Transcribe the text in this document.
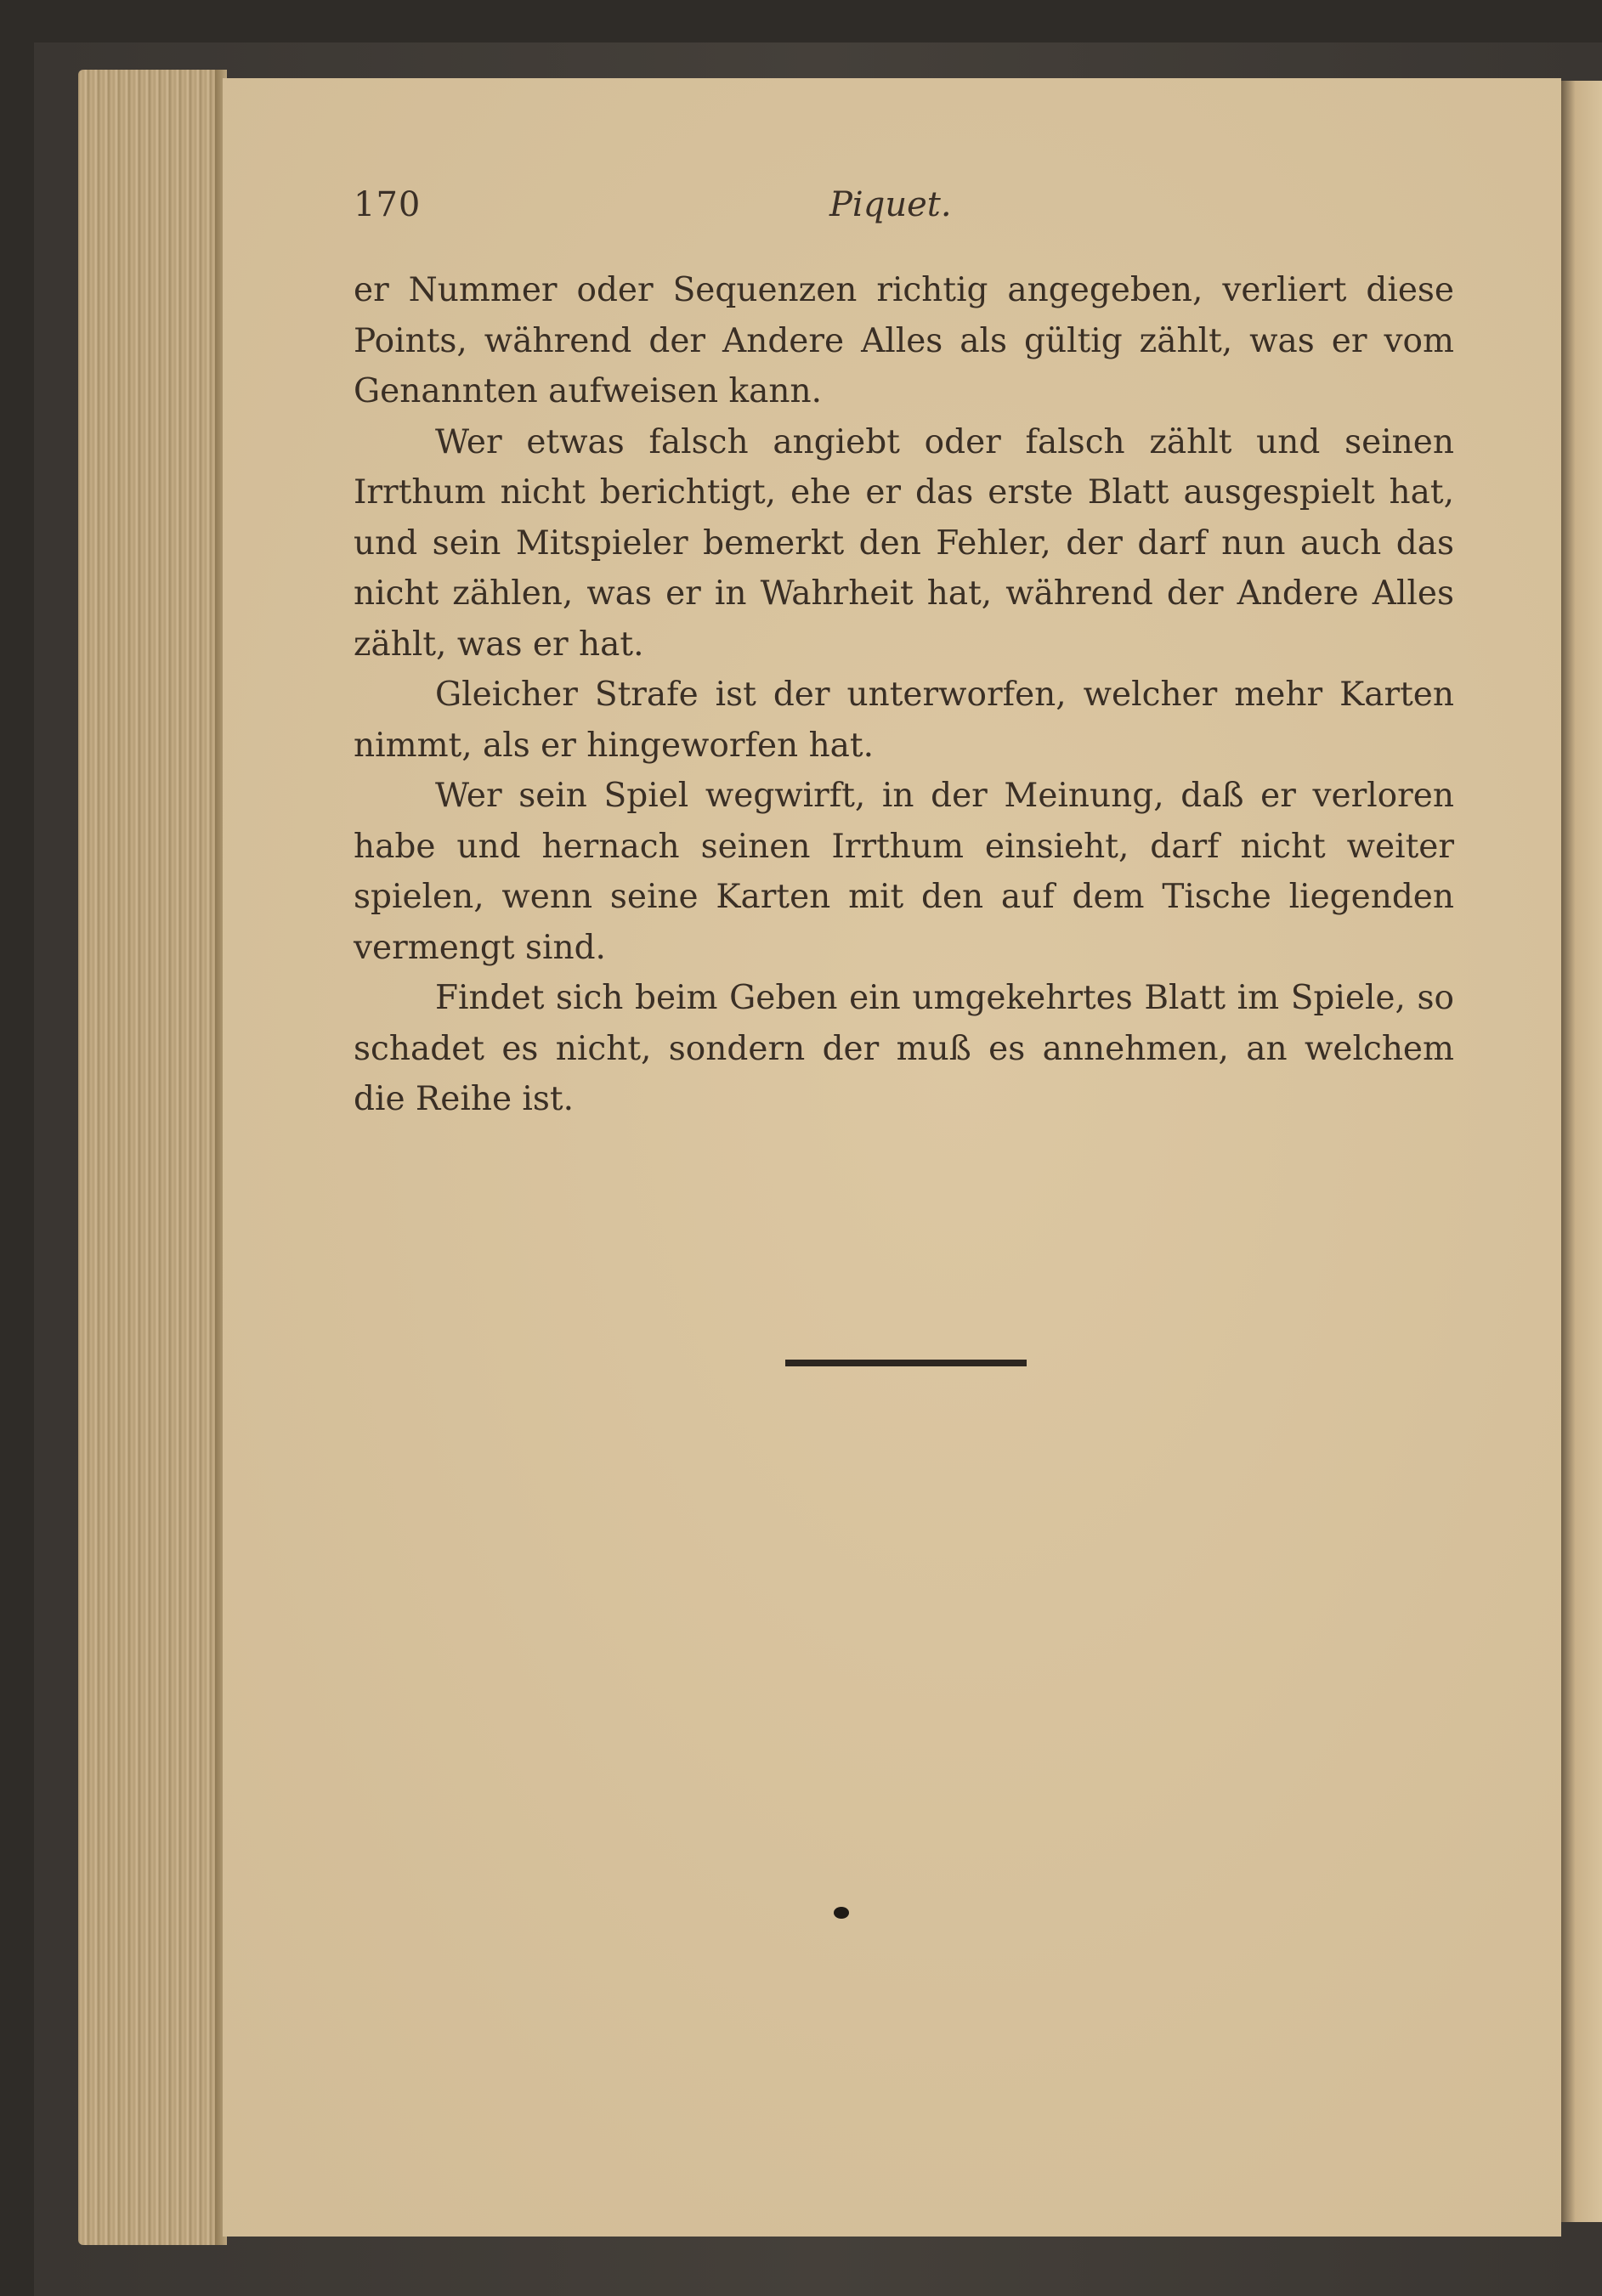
170	Piquet.

er Nummer oder Sequenzen richtig angegeben, verliert diese Points, während der Andere Alles als gültig zählt, was er vom Genannten aufweisen kann.

Wer etwas falsch angiebt oder falsch zählt und seinen Irrthum nicht berichtigt, ehe er das erste Blatt ausgespielt hat, und sein Mitspieler bemerkt den Fehler, der darf nun auch das nicht zählen, was er in Wahrheit hat, während der Andere Alles zählt, was er hat.

Gleicher Strafe ist der unterworfen, welcher mehr Karten nimmt, als er hingeworfen hat.

Wer sein Spiel wegwirft, in der Meinung, daß er verloren habe und hernach seinen Irrthum einsieht, darf nicht weiter spielen, wenn seine Karten mit den auf dem Tische liegenden vermengt sind.

Findet sich beim Geben ein umgekehrtes Blatt im Spiele, so schadet es nicht, sondern der muß es annehmen, an welchem die Reihe ist.
